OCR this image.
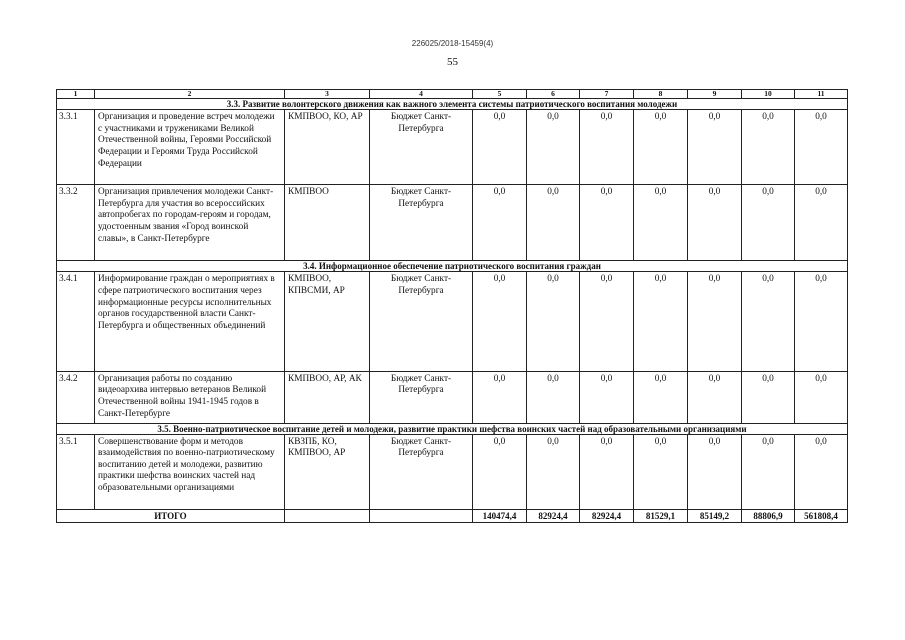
226025/2018-15459(4)
55
1	2	3	4	5	6	7	8	9	10	11
3.3. Развитие волонтерского движения как важного элемента системы патриотического воспитания молодежи										
3.3.1	Организация и проведение встреч молодежи с участниками и тружениками Великой Отечественной войны, Героями Российской Федерации и Героями Труда Российской Федерации	КМПВОО, КО, АР	Бюджет Санкт-Петербурга	0,0	0,0	0,0	0,0	0,0	0,0	0,0
3.3.2	Организация привлечения молодежи Санкт-Петербурга для участия во всероссийских автопробегах по городам-героям и городам, удостоенным звания «Город воинской славы», в Санкт-Петербурге	КМПВОО	Бюджет Санкт-Петербурга	0,0	0,0	0,0	0,0	0,0	0,0	0,0
3.4. Информационное обеспечение патриотического воспитания граждан										
3.4.1	Информирование граждан о мероприятиях в сфере патриотического воспитания через информационные ресурсы исполнительных органов государственной власти Санкт-Петербурга и общественных объединений	КМПВОО, КПВСМИ, АР	Бюджет Санкт-Петербурга	0,0	0,0	0,0	0,0	0,0	0,0	0,0
3.4.2	Организация работы по созданию видеоархива интервью ветеранов Великой Отечественной войны 1941-1945 годов в Санкт-Петербурге	КМПВОО, АР, АК	Бюджет Санкт-Петербурга	0,0	0,0	0,0	0,0	0,0	0,0	0,0
3.5. Военно-патриотическое воспитание детей и молодежи, развитие практики шефства воинских частей над образовательными организациями										
3.5.1	Совершенствование форм и методов взаимодействия по военно-патриотическому воспитанию детей и молодежи, развитию практики шефства воинских частей над образовательными организациями	КВЗПБ, КО, КМПВОО, АР	Бюджет Санкт-Петербурга	0,0	0,0	0,0	0,0	0,0	0,0	0,0
ИТОГО				140474,4	82924,4	82924,4	81529,1	85149,2	88806,9	561808,4
